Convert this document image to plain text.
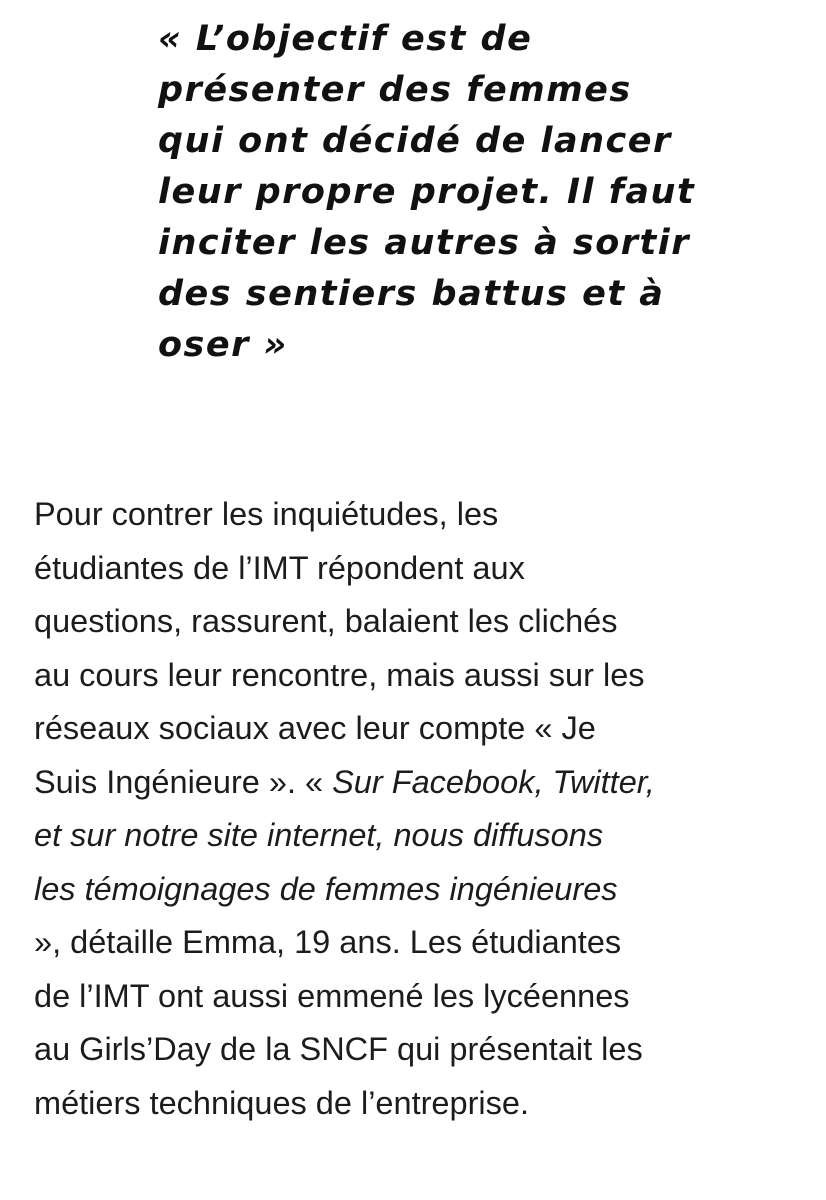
« L’objectif est de
présenter des femmes
qui ont décidé de lancer
leur propre projet. Il faut
inciter les autres à sortir
des sentiers battus et à
oser »

Pour contrer les inquiétudes, les
étudiantes de l’IMT répondent aux
questions, rassurent, balaient les clichés
au cours leur rencontre, mais aussi sur les
réseaux sociaux avec leur compte « Je
Suis Ingénieure ». « Sur Facebook, Twitter,
et sur notre site internet, nous diffusons
les témoignages de femmes ingénieures
», détaille Emma, 19 ans. Les étudiantes
de l’IMT ont aussi emmené les lycéennes
au Girls’Day de la SNCF qui présentait les
métiers techniques de l’entreprise.
